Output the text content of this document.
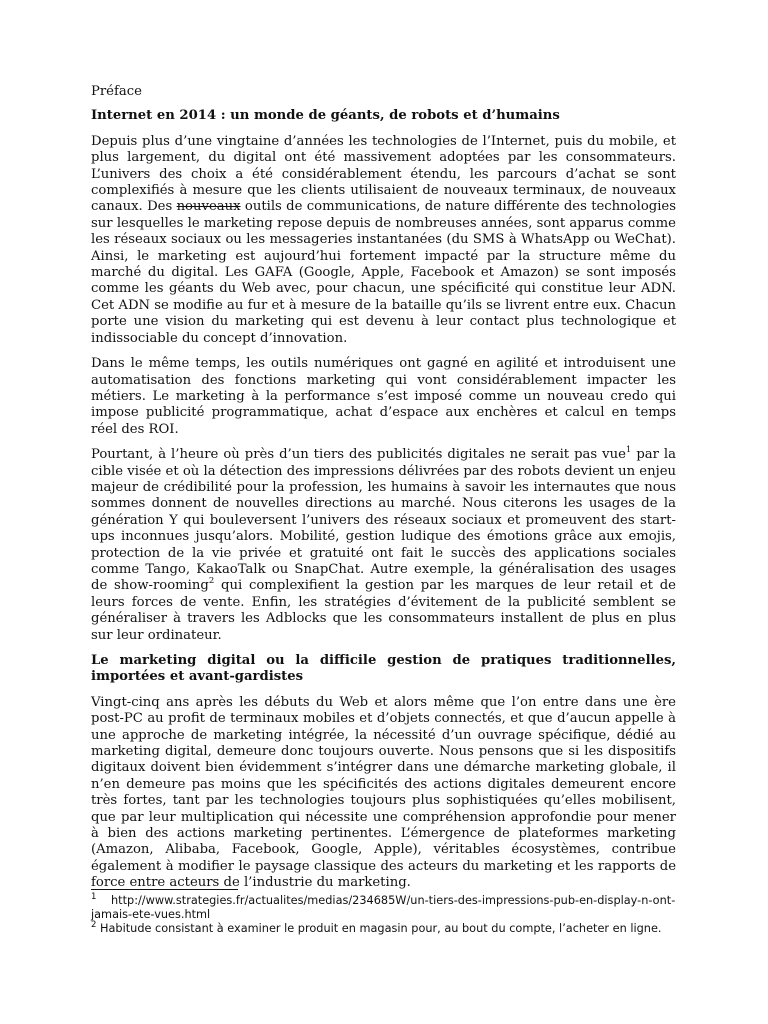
Préface

Internet en 2014 : un monde de géants, de robots et d’humains

Depuis plus d’une vingtaine d’années les technologies de l’Internet, puis du mobile, et plus largement, du digital ont été massivement adoptées par les consommateurs. L’univers des choix a été considérablement étendu, les parcours d’achat se sont complexifiés à mesure que les clients utilisaient de nouveaux terminaux, de nouveaux canaux. Des nouveaux outils de communications, de nature différente des technologies sur lesquelles le marketing repose depuis de nombreuses années, sont apparus comme les réseaux sociaux ou les messageries instantanées (du SMS à WhatsApp ou WeChat). Ainsi, le marketing est aujourd’hui fortement impacté par la structure même du marché du digital. Les GAFA (Google, Apple, Facebook et Amazon) se sont imposés comme les géants du Web avec, pour chacun, une spécificité qui constitue leur ADN. Cet ADN se modifie au fur et à mesure de la bataille qu’ils se livrent entre eux. Chacun porte une vision du marketing qui est devenu à leur contact plus technologique et indissociable du concept d’innovation.

Dans le même temps, les outils numériques ont gagné en agilité et introduisent une automatisation des fonctions marketing qui vont considérablement impacter les métiers. Le marketing à la performance s’est imposé comme un nouveau credo qui impose publicité programmatique, achat d’espace aux enchères et calcul en temps réel des ROI.

Pourtant, à l’heure où près d’un tiers des publicités digitales ne serait pas vue$^1$ par la cible visée et où la détection des impressions délivrées par des robots devient un enjeu majeur de crédibilité pour la profession, les humains à savoir les internautes que nous sommes donnent de nouvelles directions au marché. Nous citerons les usages de la génération Y qui bouleversent l’univers des réseaux sociaux et promeuvent des start-ups inconnues jusqu’alors. Mobilité, gestion ludique des émotions grâce aux emojis, protection de la vie privée et gratuité ont fait le succès des applications sociales comme Tango, KakaoTalk ou SnapChat. Autre exemple, la généralisation des usages de show-rooming$^2$ qui complexifient la gestion par les marques de leur retail et de leurs forces de vente. Enfin, les stratégies d’évitement de la publicité semblent se généraliser à travers les Adblocks que les consommateurs installent de plus en plus sur leur ordinateur.

Le marketing digital ou la difficile gestion de pratiques traditionnelles, importées et avant-gardistes

Vingt-cinq ans après les débuts du Web et alors même que l’on entre dans une ère post-PC au profit de terminaux mobiles et d’objets connectés, et que d’aucun appelle à une approche de marketing intégrée, la nécessité d’un ouvrage spécifique, dédié au marketing digital, demeure donc toujours ouverte. Nous pensons que si les dispositifs digitaux doivent bien évidemment s’intégrer dans une démarche marketing globale, il n’en demeure pas moins que les spécificités des actions digitales demeurent encore très fortes, tant par les technologies toujours plus sophistiquées qu’elles mobilisent, que par leur multiplication qui nécessite une compréhension approfondie pour mener à bien des actions marketing pertinentes. L’émergence de plateformes marketing (Amazon, Alibaba, Facebook, Google, Apple), véritables écosystèmes, contribue également à modifier le paysage classique des acteurs du marketing et les rapports de force entre acteurs de l’industrie du marketing.

1 http://www.strategies.fr/actualites/medias/234685W/un-tiers-des-impressions-pub-en-display-n-ont-jamais-ete-vues.html

$^2$ Habitude consistant à examiner le produit en magasin pour, au bout du compte, l’acheter en ligne.
